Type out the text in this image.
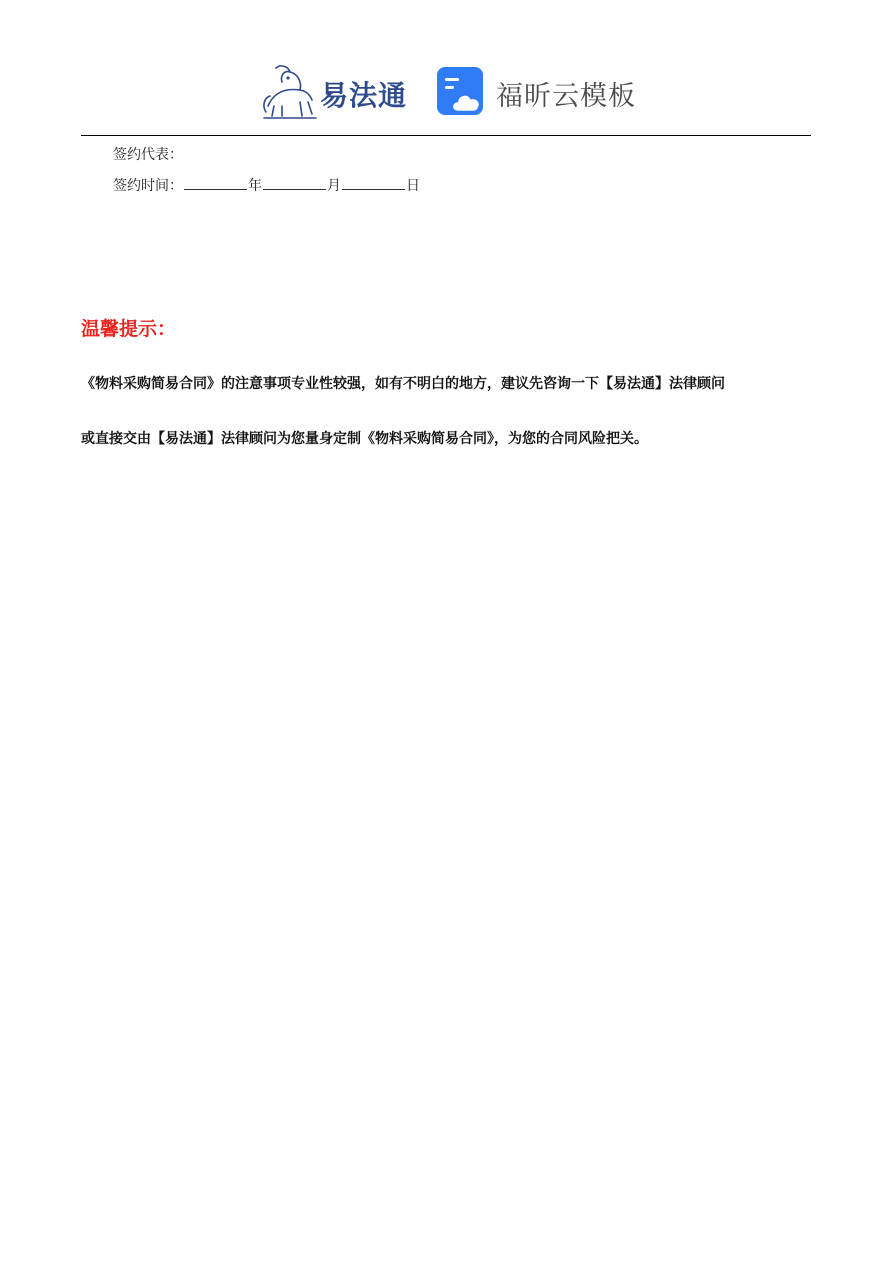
易法通	福昕云模板
签约代表：
签约时间：	年	月	日
温馨提示：
《物料采购简易合同》的注意事项专业性较强，如有不明白的地方，建议先咨询一下【易法通】法律顾问
或直接交由【易法通】法律顾问为您量身定制《物料采购简易合同》，为您的合同风险把关。
